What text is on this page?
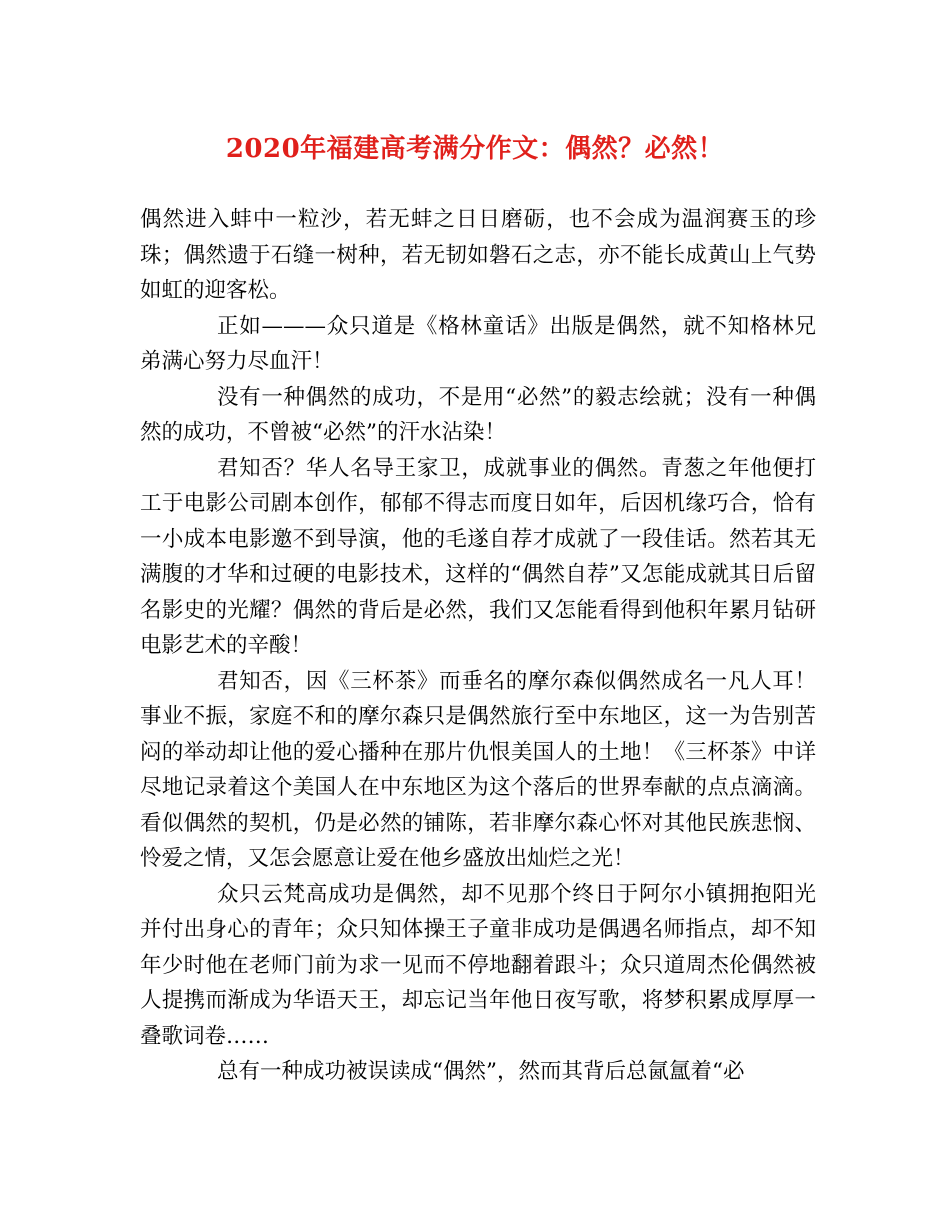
2020年福建高考满分作文：偶然？必然！

偶然进入蚌中一粒沙，若无蚌之日日磨砺，也不会成为温润赛玉的珍珠；偶然遗于石缝一树种，若无韧如磐石之志，亦不能长成黄山上气势如虹的迎客松。

正如———众只道是《格林童话》出版是偶然，就不知格林兄弟满心努力尽血汗！

没有一种偶然的成功，不是用“必然”的毅志绘就；没有一种偶然的成功，不曾被“必然”的汗水沾染！

君知否？华人名导王家卫，成就事业的偶然。青葱之年他便打工于电影公司剧本创作，郁郁不得志而度日如年，后因机缘巧合，恰有一小成本电影邀不到导演，他的毛遂自荐才成就了一段佳话。然若其无满腹的才华和过硬的电影技术，这样的“偶然自荐”又怎能成就其日后留名影史的光耀？偶然的背后是必然，我们又怎能看得到他积年累月钻研电影艺术的辛酸！

君知否，因《三杯茶》而垂名的摩尔森似偶然成名一凡人耳！事业不振，家庭不和的摩尔森只是偶然旅行至中东地区，这一为告别苦闷的举动却让他的爱心播种在那片仇恨美国人的土地！《三杯茶》中详尽地记录着这个美国人在中东地区为这个落后的世界奉献的点点滴滴。看似偶然的契机，仍是必然的铺陈，若非摩尔森心怀对其他民族悲悯、怜爱之情，又怎会愿意让爱在他乡盛放出灿烂之光！

众只云梵高成功是偶然，却不见那个终日于阿尔小镇拥抱阳光并付出身心的青年；众只知体操王子童非成功是偶遇名师指点，却不知年少时他在老师门前为求一见而不停地翻着跟斗；众只道周杰伦偶然被人提携而渐成为华语天王，却忘记当年他日夜写歌，将梦积累成厚厚一叠歌词卷……

总有一种成功被误读成“偶然”，然而其背后总氤氲着“必
